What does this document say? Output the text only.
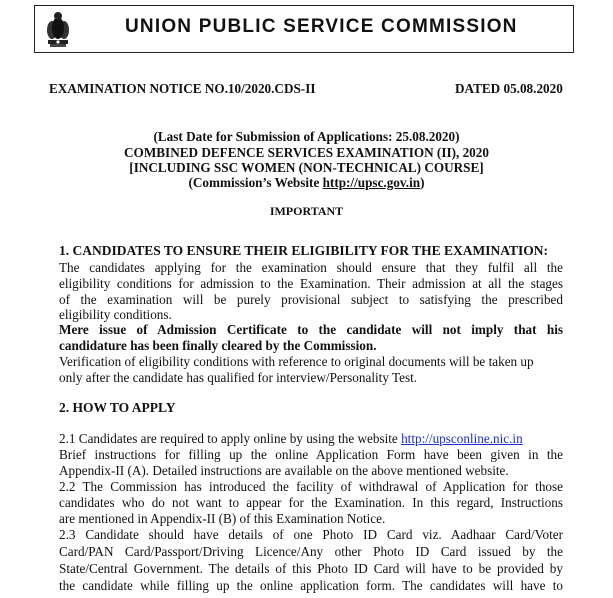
UNION PUBLIC SERVICE COMMISSION
EXAMINATION NOTICE NO.10/2020.CDS-II	DATED 05.08.2020
(Last Date for Submission of Applications: 25.08.2020)
COMBINED DEFENCE SERVICES EXAMINATION (II), 2020
[INCLUDING SSC WOMEN (NON-TECHNICAL) COURSE]
(Commission’s Website http://upsc.gov.in)
IMPORTANT
1. CANDIDATES TO ENSURE THEIR ELIGIBILITY FOR THE EXAMINATION:
The candidates applying for the examination should ensure that they fulfil all the
eligibility conditions for admission to the Examination. Their admission at all the stages
of the examination will be purely provisional subject to satisfying the prescribed
eligibility conditions.
Mere issue of Admission Certificate to the candidate will not imply that his
candidature has been finally cleared by the Commission.
Verification of eligibility conditions with reference to original documents will be taken up
only after the candidate has qualified for interview/Personality Test.
2. HOW TO APPLY
2.1 Candidates are required to apply online by using the website http://upsconline.nic.in
Brief instructions for filling up the online Application Form have been given in the
Appendix-II (A). Detailed instructions are available on the above mentioned website.
2.2 The Commission has introduced the facility of withdrawal of Application for those
candidates who do not want to appear for the Examination. In this regard, Instructions
are mentioned in Appendix-II (B) of this Examination Notice.
2.3 Candidate should have details of one Photo ID Card viz. Aadhaar Card/Voter
Card/PAN Card/Passport/Driving Licence/Any other Photo ID Card issued by the
State/Central Government. The details of this Photo ID Card will have to be provided by
the candidate while filling up the online application form. The candidates will have to
